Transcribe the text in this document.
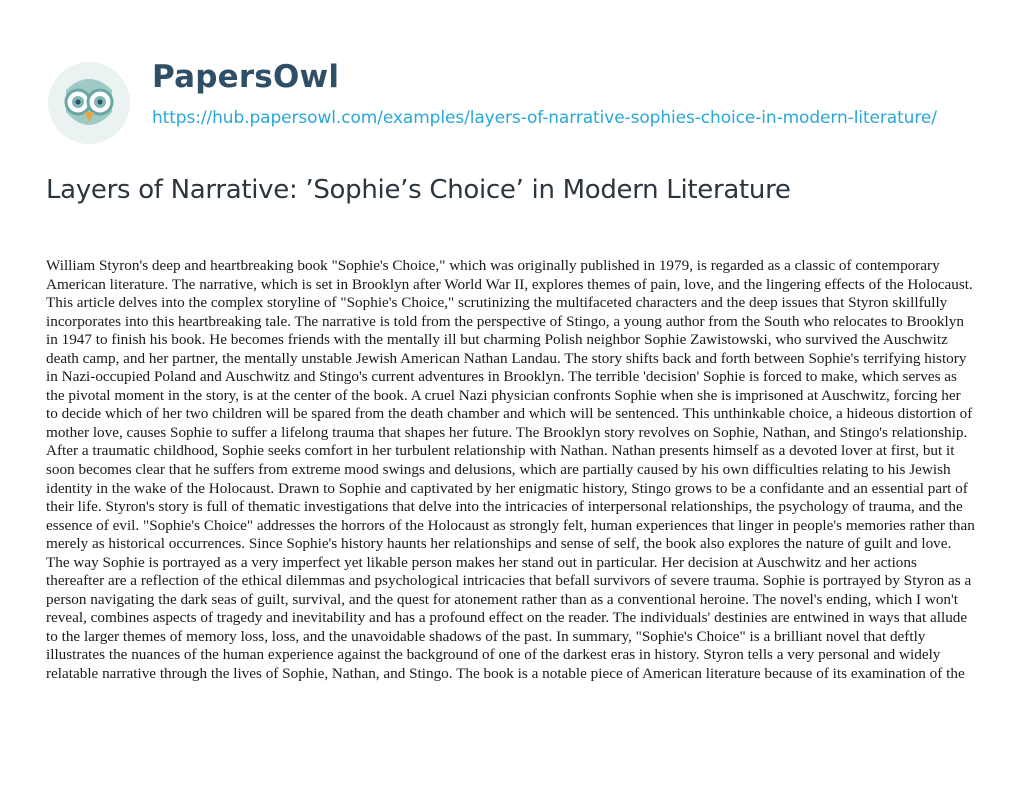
PapersOwl
https://hub.papersowl.com/examples/layers-of-narrative-sophies-choice-in-modern-literature/
Layers of Narrative: ’Sophie’s Choice’ in Modern Literature

William Styron's deep and heartbreaking book "Sophie's Choice," which was originally published in 1979, is regarded as a classic of contemporary American literature. The narrative, which is set in Brooklyn after World War II, explores themes of pain, love, and the lingering effects of the Holocaust. This article delves into the complex storyline of "Sophie's Choice," scrutinizing the multifaceted characters and the deep issues that Styron skillfully incorporates into this heartbreaking tale. The narrative is told from the perspective of Stingo, a young author from the South who relocates to Brooklyn in 1947 to finish his book. He becomes friends with the mentally ill but charming Polish neighbor Sophie Zawistowski, who survived the Auschwitz death camp, and her partner, the mentally unstable Jewish American Nathan Landau. The story shifts back and forth between Sophie's terrifying history in Nazi-occupied Poland and Auschwitz and Stingo's current adventures in Brooklyn. The terrible 'decision' Sophie is forced to make, which serves as the pivotal moment in the story, is at the center of the book. A cruel Nazi physician confronts Sophie when she is imprisoned at Auschwitz, forcing her to decide which of her two children will be spared from the death chamber and which will be sentenced. This unthinkable choice, a hideous distortion of mother love, causes Sophie to suffer a lifelong trauma that shapes her future. The Brooklyn story revolves on Sophie, Nathan, and Stingo's relationship. After a traumatic childhood, Sophie seeks comfort in her turbulent relationship with Nathan. Nathan presents himself as a devoted lover at first, but it soon becomes clear that he suffers from extreme mood swings and delusions, which are partially caused by his own difficulties relating to his Jewish identity in the wake of the Holocaust. Drawn to Sophie and captivated by her enigmatic history, Stingo grows to be a confidante and an essential part of their life. Styron's story is full of thematic investigations that delve into the intricacies of interpersonal relationships, the psychology of trauma, and the essence of evil. "Sophie's Choice" addresses the horrors of the Holocaust as strongly felt, human experiences that linger in people's memories rather than merely as historical occurrences. Since Sophie's history haunts her relationships and sense of self, the book also explores the nature of guilt and love. The way Sophie is portrayed as a very imperfect yet likable person makes her stand out in particular. Her decision at Auschwitz and her actions thereafter are a reflection of the ethical dilemmas and psychological intricacies that befall survivors of severe trauma. Sophie is portrayed by Styron as a person navigating the dark seas of guilt, survival, and the quest for atonement rather than as a conventional heroine. The novel's ending, which I won't reveal, combines aspects of tragedy and inevitability and has a profound effect on the reader. The individuals' destinies are entwined in ways that allude to the larger themes of memory loss, loss, and the unavoidable shadows of the past. In summary, "Sophie's Choice" is a brilliant novel that deftly illustrates the nuances of the human experience against the background of one of the darkest eras in history. Styron tells a very personal and widely relatable narrative through the lives of Sophie, Nathan, and Stingo. The book is a notable piece of American literature because of its examination of the
